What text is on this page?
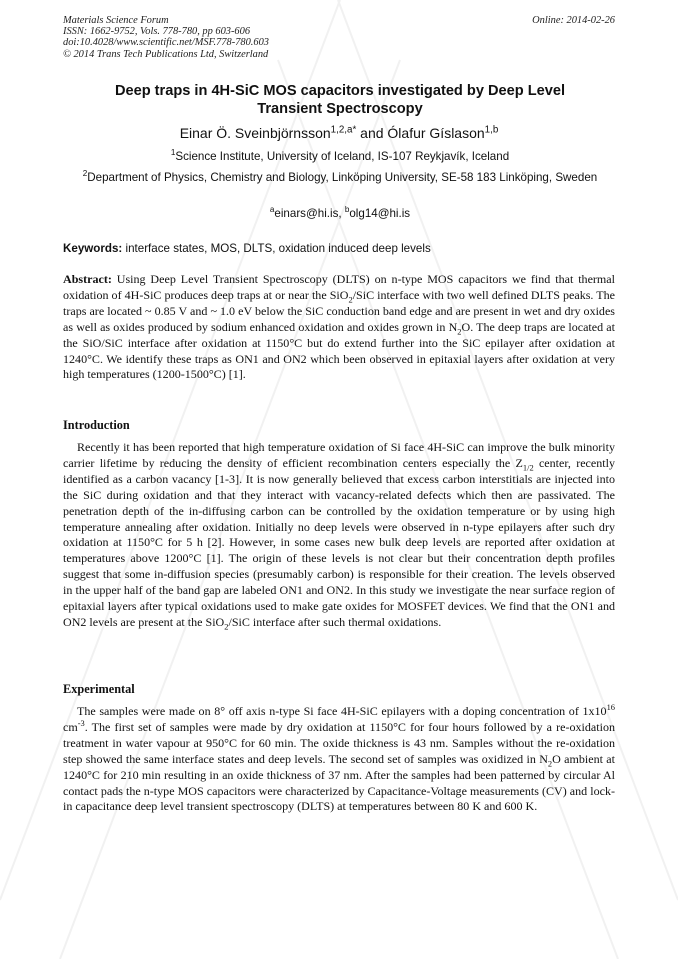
Materials Science Forum
ISSN: 1662-9752, Vols. 778-780, pp 603-606
doi:10.4028/www.scientific.net/MSF.778-780.603
© 2014 Trans Tech Publications Ltd, Switzerland
Online: 2014-02-26
Deep traps in 4H-SiC MOS capacitors investigated by Deep Level
Transient Spectroscopy
Einar Ö. Sveinbjörnsson$^{1,2,a*}$ and Ólafur Gíslason$^{1,b}$
$^1$Science Institute, University of Iceland, IS-107 Reykjavík, Iceland
$^2$Department of Physics, Chemistry and Biology, Linköping University, SE-58 183 Linköping, Sweden
$^a$einars@hi.is, $^b$olg14@hi.is
Keywords: interface states, MOS, DLTS, oxidation induced deep levels

Abstract: Using Deep Level Transient Spectroscopy (DLTS) on n-type MOS capacitors we find that thermal oxidation of 4H-SiC produces deep traps at or near the SiO$_2$/SiC interface with two well defined DLTS peaks. The traps are located ~ 0.85 V and ~ 1.0 eV below the SiC conduction band edge and are present in wet and dry oxides as well as oxides produced by sodium enhanced oxidation and oxides grown in $N_2O$. The deep traps are located at the SiO/SiC interface after oxidation at 1150°C but do extend further into the SiC epilayer after oxidation at 1240°C. We identify these traps as ON1 and ON2 which been observed in epitaxial layers after oxidation at very high temperatures (1200-1500°C) [1].

Introduction

Recently it has been reported that high temperature oxidation of Si face 4H-SiC can improve the bulk minority carrier lifetime by reducing the density of efficient recombination centers especially the $Z_{1/2}$ center, recently identified as a carbon vacancy [1-3]. It is now generally believed that excess carbon interstitials are injected into the SiC during oxidation and that they interact with vacancy-related defects which then are passivated. The penetration depth of the in-diffusing carbon can be controlled by the oxidation temperature or by using high temperature annealing after oxidation. Initially no deep levels were observed in n-type epilayers after such dry oxidation at 1150°C for 5 h [2]. However, in some cases new bulk deep levels are reported after oxidation at temperatures above 1200°C [1]. The origin of these levels is not clear but their concentration depth profiles suggest that some in-diffusion species (presumably carbon) is responsible for their creation. The levels observed in the upper half of the band gap are labeled ON1 and ON2. In this study we investigate the near surface region of epitaxial layers after typical oxidations used to make gate oxides for MOSFET devices. We find that the ON1 and ON2 levels are present at the SiO$_2$/SiC interface after such thermal oxidations.

Experimental

The samples were made on 8° off axis n-type Si face 4H-SiC epilayers with a doping concentration of $1x10^{16}$ $cm^{-3}$. The first set of samples were made by dry oxidation at 1150°C for four hours followed by a re-oxidation treatment in water vapour at 950°C for 60 min. The oxide thickness is 43 nm. Samples without the re-oxidation step showed the same interface states and deep levels. The second set of samples was oxidized in $N_2O$ ambient at 1240°C for 210 min resulting in an oxide thickness of 37 nm. After the samples had been patterned by circular Al contact pads the n-type MOS capacitors were characterized by Capacitance-Voltage measurements (CV) and lock-in capacitance deep level transient spectroscopy (DLTS) at temperatures between 80 K and 600 K.
